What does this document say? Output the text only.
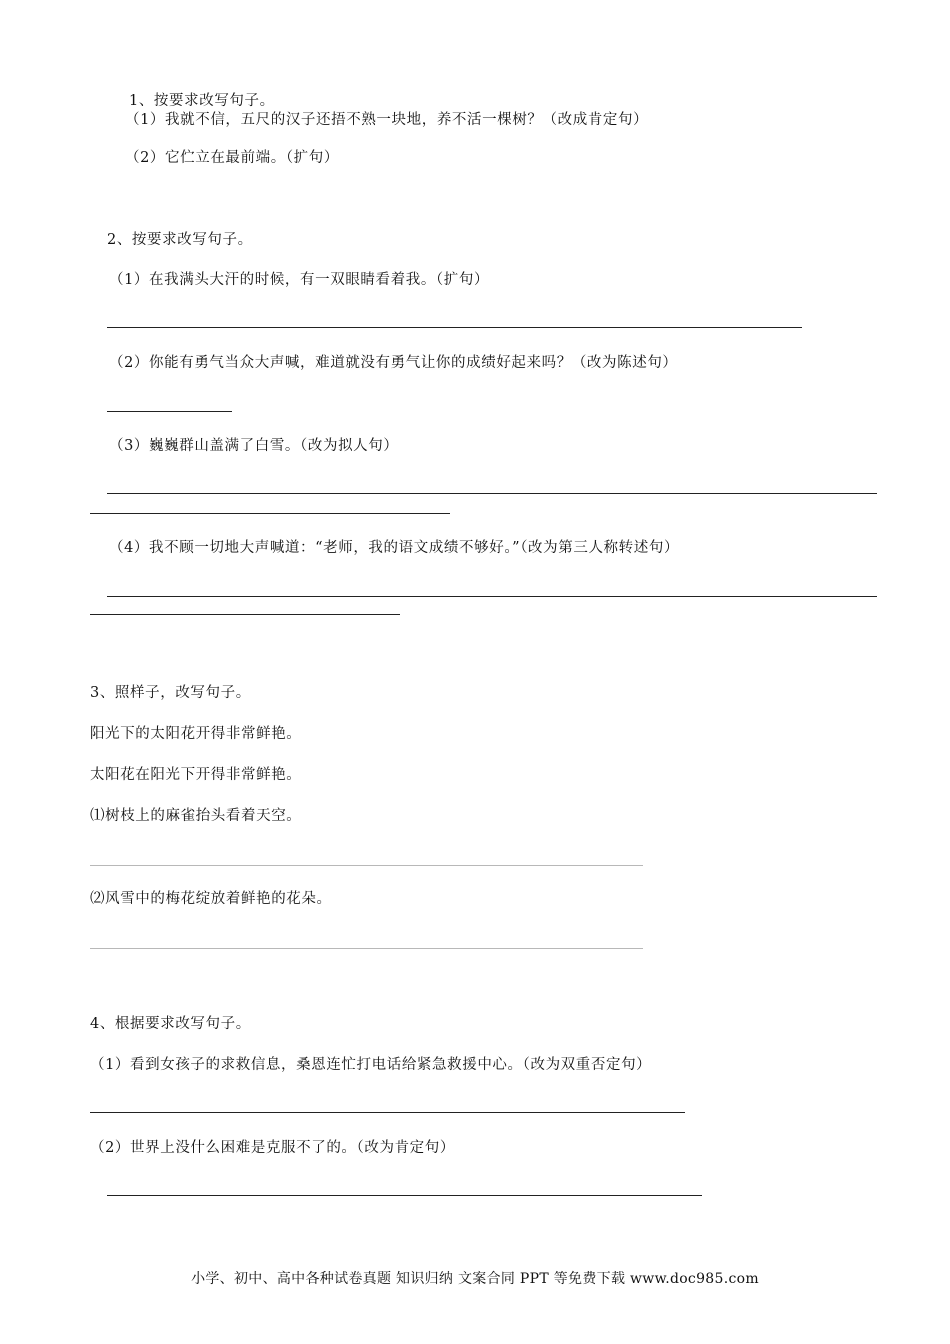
1、按要求改写句子。
（1）我就不信，五尺的汉子还捂不熟一块地，养不活一棵树？（改成肯定句）
（2）它伫立在最前端。（扩句）
2、按要求改写句子。
（1）在我满头大汗的时候，有一双眼睛看着我。（扩句）
（2）你能有勇气当众大声喊，难道就没有勇气让你的成绩好起来吗？（改为陈述句）
（3）巍巍群山盖满了白雪。（改为拟人句）
（4）我不顾一切地大声喊道：“老师，我的语文成绩不够好。”（改为第三人称转述句）
3、照样子，改写句子。
阳光下的太阳花开得非常鲜艳。
太阳花在阳光下开得非常鲜艳。
⑴树枝上的麻雀抬头看着天空。
⑵风雪中的梅花绽放着鲜艳的花朵。
4、根据要求改写句子。
（1）看到女孩子的求救信息，桑恩连忙打电话给紧急救援中心。（改为双重否定句）
（2）世界上没什么困难是克服不了的。（改为肯定句）
小学、初中、高中各种试卷真题 知识归纳 文案合同 PPT 等免费下载 www.doc985.com
